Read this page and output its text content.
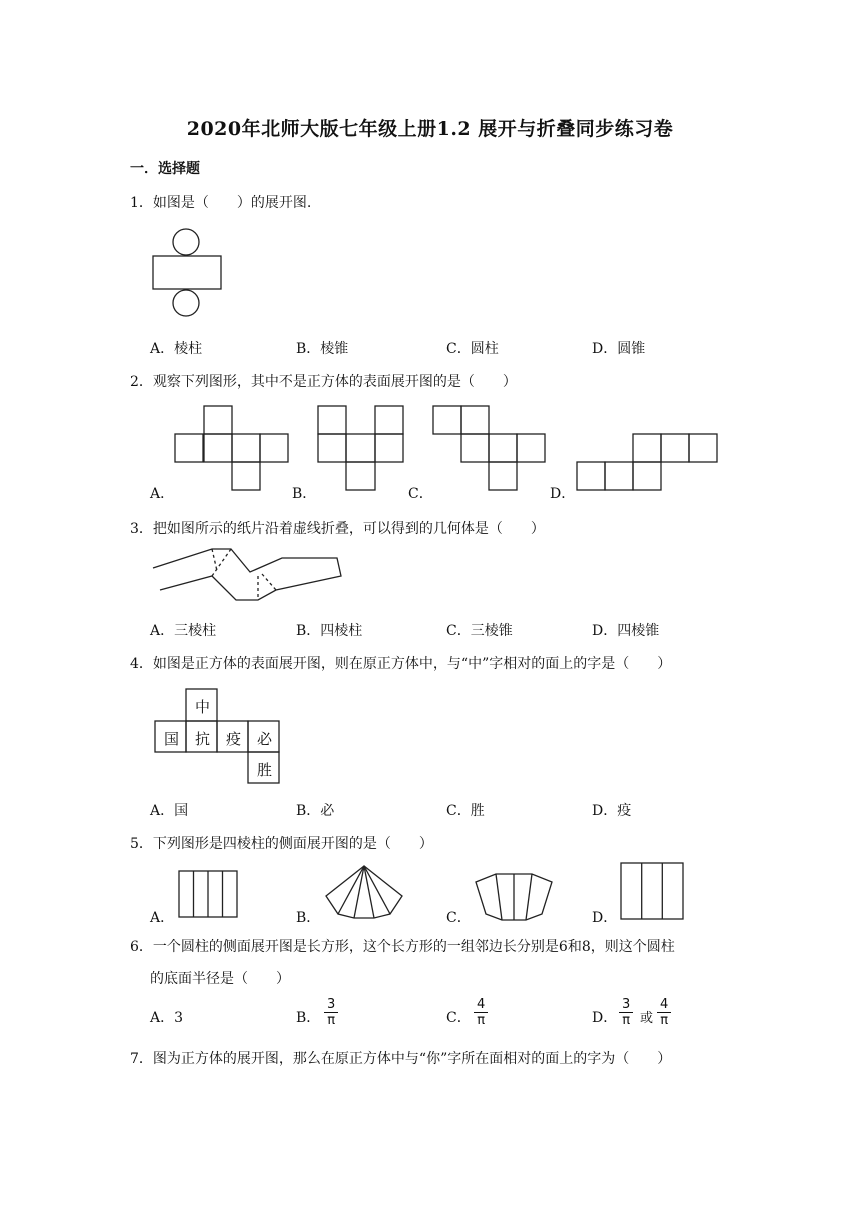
2020年北师大版七年级上册1.2 展开与折叠同步练习卷
一．选择题
1．如图是（　　）的展开图.
A．棱柱	B．棱锥	C．圆柱	D．圆锥
2．观察下列图形，其中不是正方体的表面展开图的是（　　）
A．	B．	C．	D．
3．把如图所示的纸片沿着虚线折叠，可以得到的几何体是（　　）
A．三棱柱	B．四棱柱	C．三棱锥	D．四棱锥
4．如图是正方体的表面展开图，则在原正方体中，与“中”字相对的面上的字是（　　）
中
国	抗	疫	必
胜
A．国	B．必	C．胜	D．疫
5．下列图形是四棱柱的侧面展开图的是（　　）
A．	B．	C．	D．
6．一个圆柱的侧面展开图是长方形，这个长方形的一组邻边长分别是6和8，则这个圆柱
的底面半径是（　　）
A．3	B． $\frac{3}{\pi}$	C． $\frac{4}{\pi}$	D． $\frac{3}{\pi}$ 或 $\frac{4}{\pi}$
7．图为正方体的展开图，那么在原正方体中与“你”字所在面相对的面上的字为（　　）
